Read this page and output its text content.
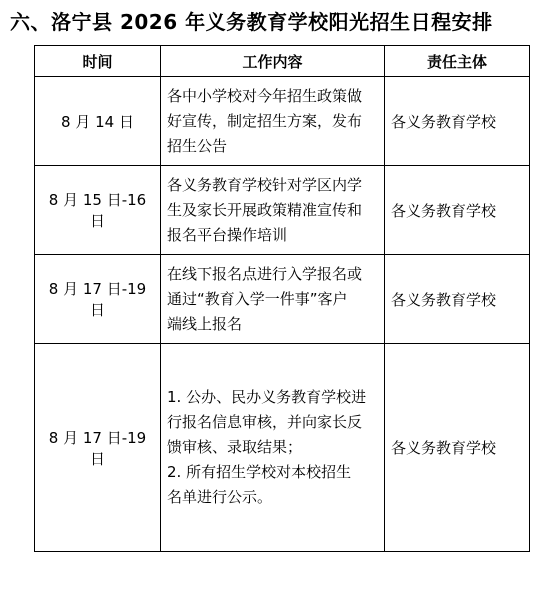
六、洛宁县 2026 年义务教育学校阳光招生日程安排
时间	工作内容	责任主体
8 月 14 日	各中小学校对今年招生政策做
好宣传，制定招生方案，发布
招生公告	各义务教育学校
8 月 15 日-16 日	各义务教育学校针对学区内学
生及家长开展政策精准宣传和
报名平台操作培训	各义务教育学校
8 月 17 日-19 日	在线下报名点进行入学报名或
通过“教育入学一件事”客户
端线上报名	各义务教育学校
8 月 17 日-19 日	1. 公办、民办义务教育学校进
行报名信息审核，并向家长反
馈审核、录取结果；
2. 所有招生学校对本校招生
名单进行公示。	各义务教育学校
